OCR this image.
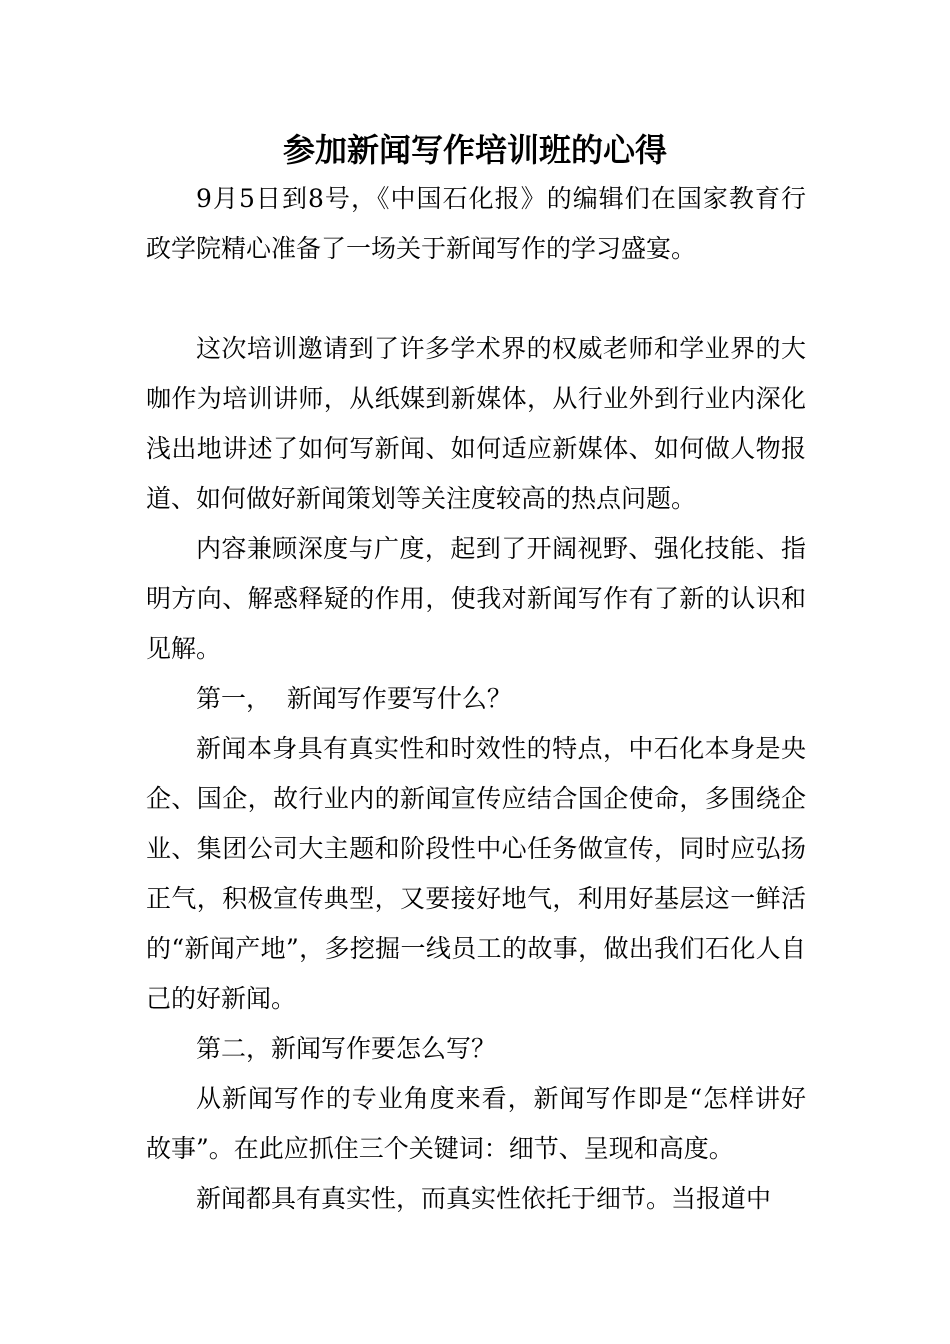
参加新闻写作培训班的心得

9月5日到8号，《中国石化报》的编辑们在国家教育行政学院精心准备了一场关于新闻写作的学习盛宴。

这次培训邀请到了许多学术界的权威老师和学业界的大咖作为培训讲师，从纸媒到新媒体，从行业外到行业内深化浅出地讲述了如何写新闻、如何适应新媒体、如何做人物报道、如何做好新闻策划等关注度较高的热点问题。

内容兼顾深度与广度，起到了开阔视野、强化技能、指明方向、解惑释疑的作用，使我对新闻写作有了新的认识和见解。

第一，  新闻写作要写什么？

新闻本身具有真实性和时效性的特点，中石化本身是央企、国企，故行业内的新闻宣传应结合国企使命，多围绕企业、集团公司大主题和阶段性中心任务做宣传，同时应弘扬正气，积极宣传典型，又要接好地气，利用好基层这一鲜活的“新闻产地”，多挖掘一线员工的故事，做出我们石化人自己的好新闻。

第二，新闻写作要怎么写？

从新闻写作的专业角度来看，新闻写作即是“怎样讲好故事”。在此应抓住三个关键词：细节、呈现和高度。

新闻都具有真实性，而真实性依托于细节。当报道中
